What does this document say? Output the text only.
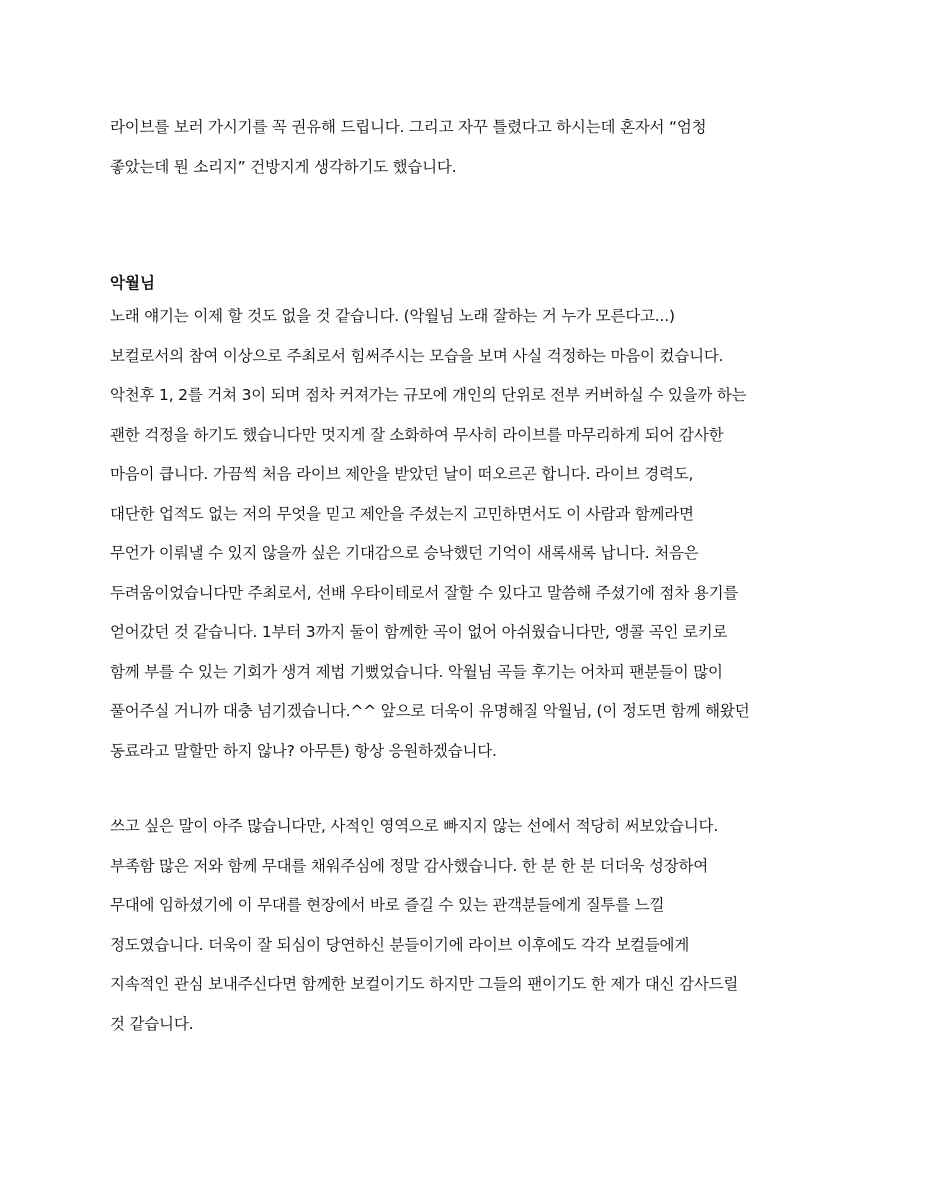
라이브를 보러 가시기를 꼭 권유해 드립니다. 그리고 자꾸 틀렸다고 하시는데 혼자서 “엄청
좋았는데 뭔 소리지” 건방지게 생각하기도 했습니다.
악월님
노래 얘기는 이제 할 것도 없을 것 같습니다. (악월님 노래 잘하는 거 누가 모른다고...)
보컬로서의 참여 이상으로 주최로서 힘써주시는 모습을 보며 사실 걱정하는 마음이 컸습니다.
악천후 1, 2를 거쳐 3이 되며 점차 커져가는 규모에 개인의 단위로 전부 커버하실 수 있을까 하는
괜한 걱정을 하기도 했습니다만 멋지게 잘 소화하여 무사히 라이브를 마무리하게 되어 감사한
마음이 큽니다. 가끔씩 처음 라이브 제안을 받았던 날이 떠오르곤 합니다. 라이브 경력도,
대단한 업적도 없는 저의 무엇을 믿고 제안을 주셨는지 고민하면서도 이 사람과 함께라면
무언가 이뤄낼 수 있지 않을까 싶은 기대감으로 승낙했던 기억이 새록새록 납니다. 처음은
두려움이었습니다만 주최로서, 선배 우타이테로서 잘할 수 있다고 말씀해 주셨기에 점차 용기를
얻어갔던 것 같습니다. 1부터 3까지 둘이 함께한 곡이 없어 아쉬웠습니다만, 앵콜 곡인 로키로
함께 부를 수 있는 기회가 생겨 제법 기뻤었습니다. 악월님 곡들 후기는 어차피 팬분들이 많이
풀어주실 거니까 대충 넘기겠습니다.^^ 앞으로 더욱이 유명해질 악월님, (이 정도면 함께 해왔던
동료라고 말할만 하지 않나? 아무튼) 항상 응원하겠습니다.
쓰고 싶은 말이 아주 많습니다만, 사적인 영역으로 빠지지 않는 선에서 적당히 써보았습니다.
부족함 많은 저와 함께 무대를 채워주심에 정말 감사했습니다. 한 분 한 분 더더욱 성장하여
무대에 임하셨기에 이 무대를 현장에서 바로 즐길 수 있는 관객분들에게 질투를 느낄
정도였습니다. 더욱이 잘 되심이 당연하신 분들이기에 라이브 이후에도 각각 보컬들에게
지속적인 관심 보내주신다면 함께한 보컬이기도 하지만 그들의 팬이기도 한 제가 대신 감사드릴
것 같습니다.
